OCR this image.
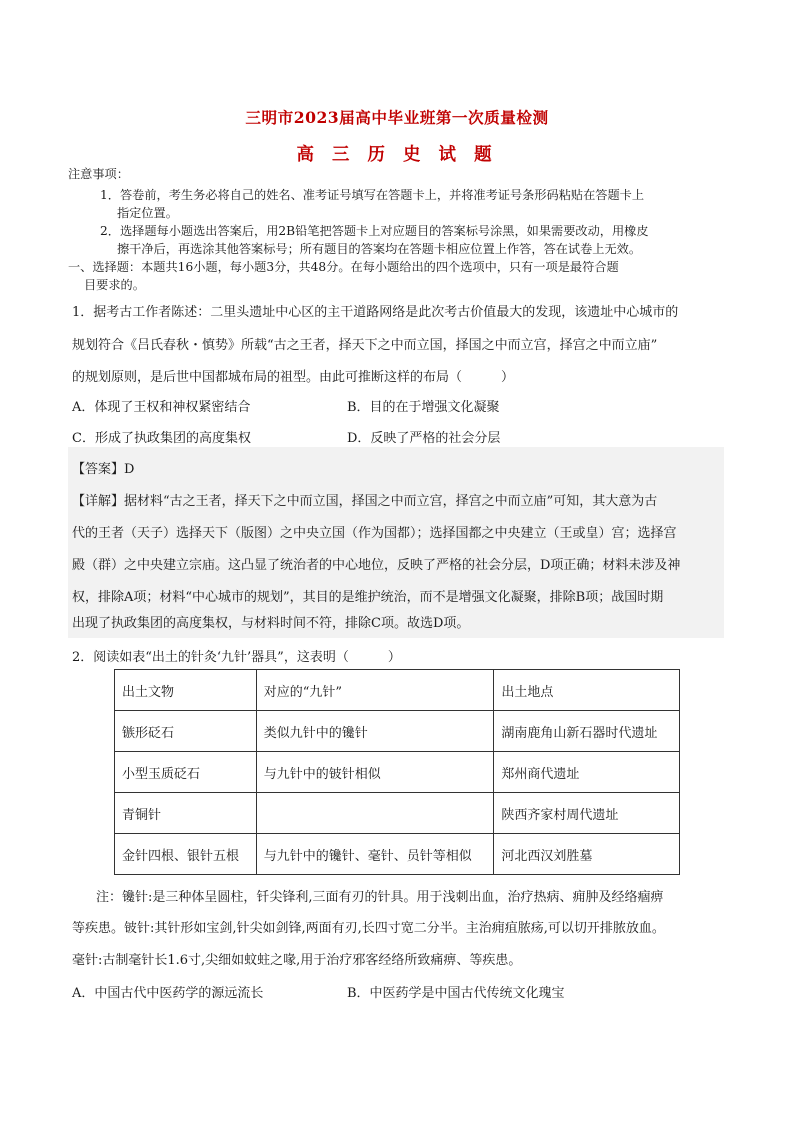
三明市2023届高中毕业班第一次质量检测
高 三 历 史 试 题
注意事项：
1．答卷前，考生务必将自己的姓名、准考证号填写在答题卡上，并将准考证号条形码粘贴在答题卡上
指定位置。
2．选择题每小题选出答案后，用2B铅笔把答题卡上对应题目的答案标号涂黑，如果需要改动，用橡皮
擦干净后，再选涂其他答案标号；所有题目的答案均在答题卡相应位置上作答，答在试卷上无效。
一、选择题：本题共16小题，每小题3分，共48分。在每小题给出的四个选项中，只有一项是最符合题
目要求的。
1．据考古工作者陈述：二里头遗址中心区的主干道路网络是此次考古价值最大的发现，该遗址中心城市的
规划符合《吕氏春秋・慎势》所载“古之王者，择天下之中而立国，择国之中而立宫，择宫之中而立庙”
的规划原则，是后世中国都城布局的祖型。由此可推断这样的布局（　　　）
A．体现了王权和神权紧密结合	B．目的在于增强文化凝聚
C．形成了执政集团的高度集权	D．反映了严格的社会分层
【答案】D
【详解】据材料“古之王者，择天下之中而立国，择国之中而立宫，择宫之中而立庙”可知，其大意为古
代的王者（天子）选择天下（版图）之中央立国（作为国都）；选择国都之中央建立（王或皇）宫；选择宫
殿（群）之中央建立宗庙。这凸显了统治者的中心地位，反映了严格的社会分层，D项正确；材料未涉及神
权，排除A项；材料“中心城市的规划”，其目的是维护统治，而不是增强文化凝聚，排除B项；战国时期
出现了执政集团的高度集权，与材料时间不符，排除C项。故选D项。
2．阅读如表“出土的针灸‘九针’器具”，这表明（　　　）
出土文物	对应的“九针”	出土地点
镞形砭石	类似九针中的镵针	湖南鹿角山新石器时代遗址
小型玉质砭石	与九针中的铍针相似	郑州商代遗址
青铜针		陕西齐家村周代遗址
金针四根、银针五根	与九针中的镵针、毫针、员针等相似	河北西汉刘胜墓
注：镵针:是三种体呈圆柱，钎尖锋利,三面有刃的针具。用于浅刺出血，治疗热病、痈肿及经络痼痹
等疾患。铍针:其针形如宝剑,针尖如剑锋,两面有刃,长四寸宽二分半。主治痈疽脓疡,可以切开排脓放血。
毫针:古制毫针长1.6寸,尖细如蚊蛀之喙,用于治疗邪客经络所致痛痹、等疾患。
A．中国古代中医药学的源远流长	B．中医药学是中国古代传统文化瑰宝
